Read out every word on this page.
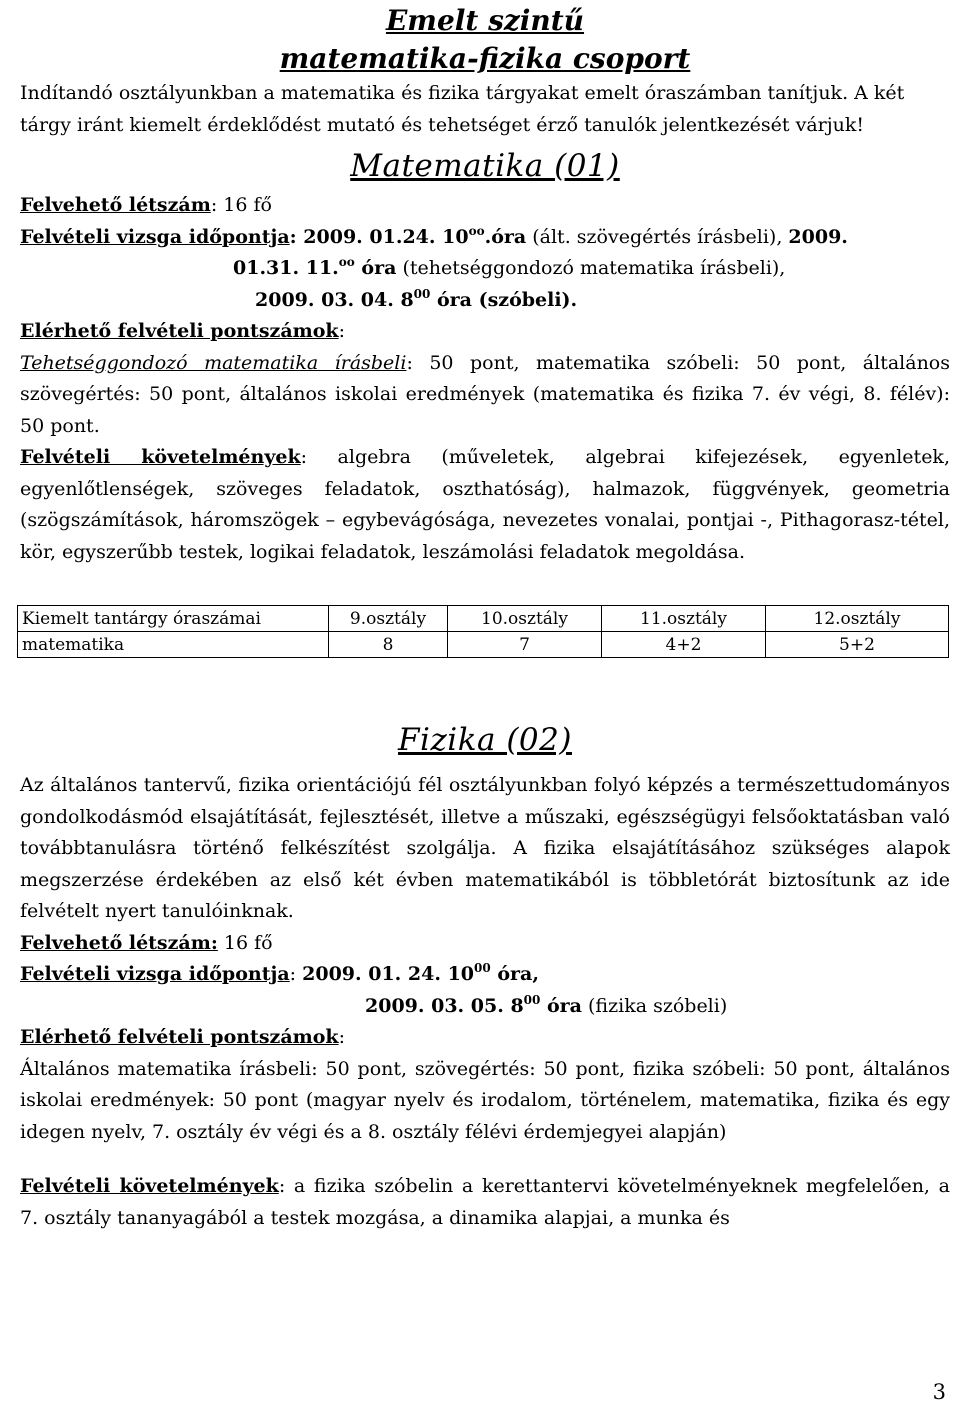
Emelt szintű
matematika-fizika csoport

Indítandó osztályunkban a matematika és fizika tárgyakat emelt óraszámban tanítjuk. A két tárgy iránt kiemelt érdeklődést mutató és tehetséget érző tanulók jelentkezését várjuk!

Matematika (01)

Felvehető létszám: 16 fő

Felvételi vizsga időpontja: 2009. 01.24. $10^{oo}.óra$ (ált. szövegértés írásbeli), 2009.

01.31. 11.$^{oo}$ óra (tehetséggondozó matematika írásbeli),

2009. 03. 04. $8^{00}$ óra (szóbeli).

Elérhető felvételi pontszámok:

Tehetséggondozó matematika írásbeli: 50 pont, matematika szóbeli: 50 pont, általános szövegértés: 50 pont, általános iskolai eredmények (matematika és fizika 7. év végi, 8. félév): 50 pont.

Felvételi követelmények: algebra (műveletek, algebrai kifejezések, egyenletek, egyenlőtlenségek, szöveges feladatok, oszthatóság), halmazok, függvények, geometria (szögszámítások, háromszögek – egybevágósága, nevezetes vonalai, pontjai -, Pithagorasz-tétel, kör, egyszerűbb testek, logikai feladatok, leszámolási feladatok megoldása.

Kiemelt tantárgy óraszámai	9.osztály	10.osztály	11.osztály	12.osztály
matematika	8	7	4+2	5+2
Fizika (02)

Az általános tantervű, fizika orientációjú fél osztályunkban folyó képzés a természettudományos gondolkodásmód elsajátítását, fejlesztését, illetve a műszaki, egészségügyi felsőoktatásban való továbbtanulásra történő felkészítést szolgálja. A fizika elsajátításához szükséges alapok megszerzése érdekében az első két évben matematikából is többletórát biztosítunk az ide felvételt nyert tanulóinknak.

Felvehető létszám: 16 fő

Felvételi vizsga időpontja: 2009. 01. 24. $10^{00}$ óra,

2009. 03. 05. $8^{00}$ óra (fizika szóbeli)

Elérhető felvételi pontszámok:

Általános matematika írásbeli: 50 pont, szövegértés: 50 pont, fizika szóbeli: 50 pont, általános iskolai eredmények: 50 pont (magyar nyelv és irodalom, történelem, matematika, fizika és egy idegen nyelv, 7. osztály év végi és a 8. osztály félévi érdemjegyei alapján)

Felvételi követelmények: a fizika szóbelin a kerettantervi követelményeknek megfelelően, a 7. osztály tananyagából a testek mozgása, a dinamika alapjai, a munka és

3
